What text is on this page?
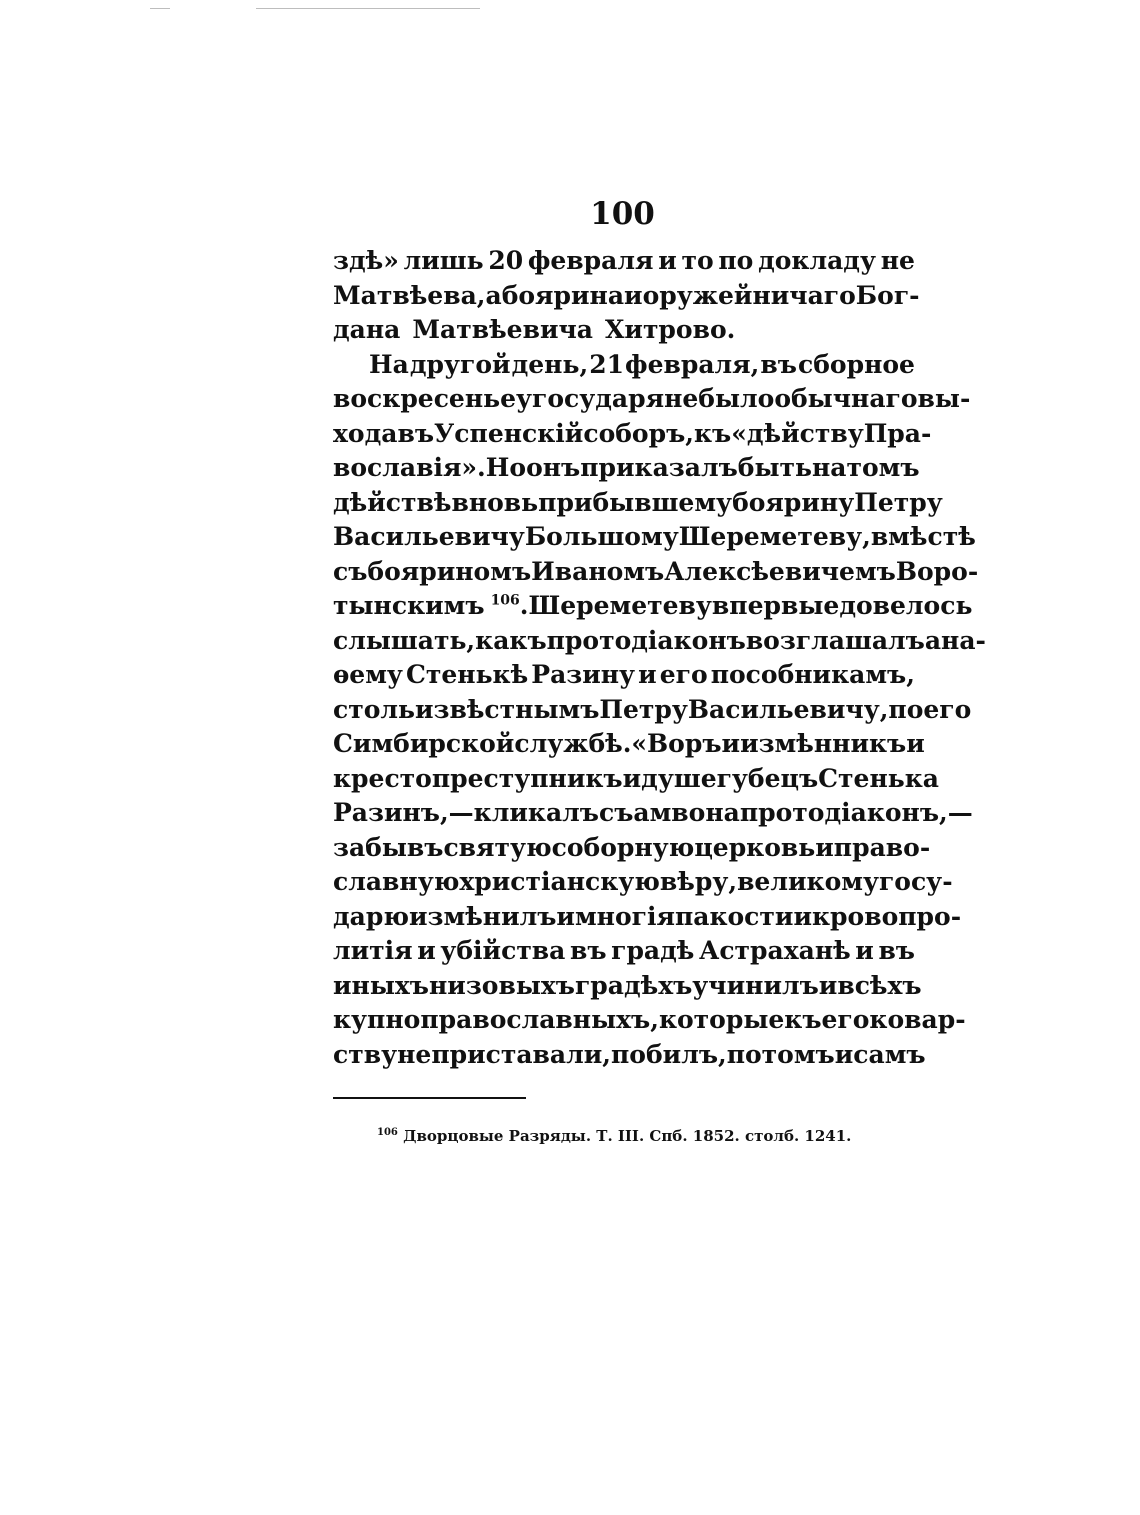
100
здѣ» лишь 20 февраля и то по докладу не
Матвѣева, а боярина и оружейничаго Бог-
дана Матвѣевича Хитрово.
На другой день, 21 февраля, въ сборное
воскресенье у государя не было обычнаго вы-
хода въ Успенскій соборъ, къ «дѣйству Пра-
вославія». Но онъ приказалъ быть на томъ
дѣйствѣ вновь прибывшему боярину Петру
Васильевичу Большому Шереметеву, вмѣстѣ
съ бояриномъ Иваномъ Алексѣевичемъ Воро-
тынскимъ $^{106}$. Шереметеву впервые довелось
слышать, какъ протодіаконъ возглашалъ ана-
ѳему Стенькѣ Разину и его пособникамъ,
столь извѣстнымъ Петру Васильевичу, по его
Симбирской службѣ. «Воръ и измѣнникъ и
крестопреступникъ и душегубецъ Стенька
Разинъ,—кликалъ съ амвона протодіаконъ,—
забывъ святую соборную церковь и право-
славную христіанскую вѣру, великому госу-
дарю измѣнилъ и многія пакости и кровопро-
литія и убійства въ градѣ Астраханѣ и въ
иныхъ низовыхъ градѣхъ учинилъ и всѣхъ
купно православныхъ, которые къ его ковар-
ству не приставали, побилъ, потомъ и самъ
$^{106}$ Дворцовые Разряды. Т. III. Спб. 1852. столб. 1241.
